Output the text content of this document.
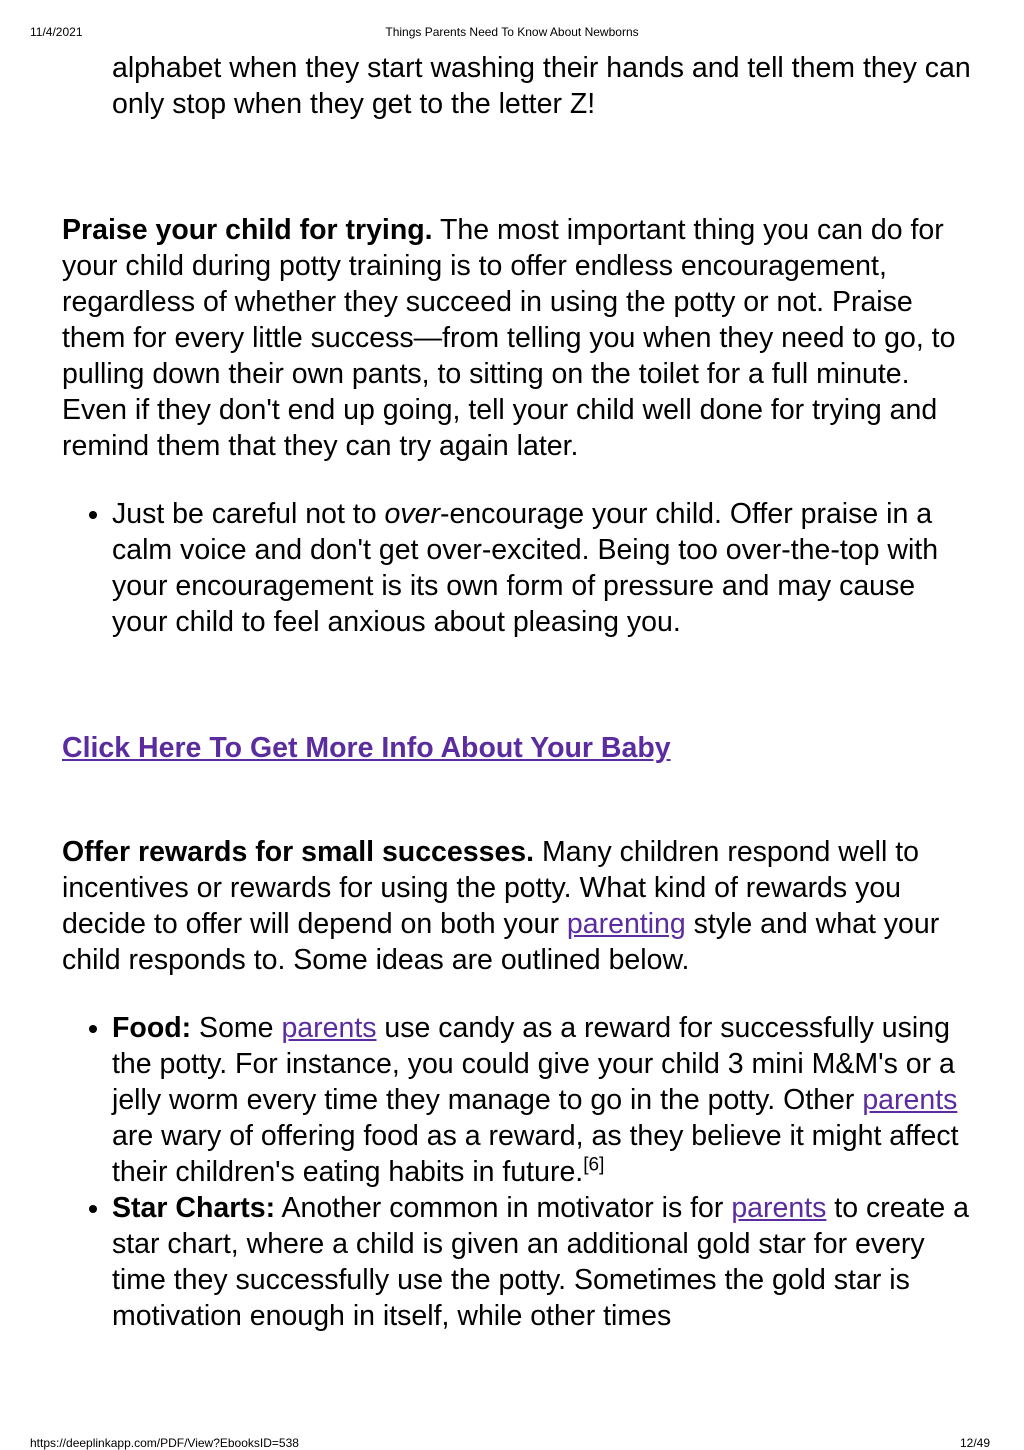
11/4/2021	Things Parents Need To Know About Newborns

alphabet when they start washing their hands and tell them they can only stop when they get to the letter Z!

Praise your child for trying. The most important thing you can do for your child during potty training is to offer endless encouragement, regardless of whether they succeed in using the potty or not. Praise them for every little success—from telling you when they need to go, to pulling down their own pants, to sitting on the toilet for a full minute. Even if they don't end up going, tell your child well done for trying and remind them that they can try again later.

• Just be careful not to over-encourage your child. Offer praise in a calm voice and don't get over-excited. Being too over-the-top with your encouragement is its own form of pressure and may cause your child to feel anxious about pleasing you.

Click Here To Get More Info About Your Baby

Offer rewards for small successes. Many children respond well to incentives or rewards for using the potty. What kind of rewards you decide to offer will depend on both your parenting style and what your child responds to. Some ideas are outlined below.

• Food: Some parents use candy as a reward for successfully using the potty. For instance, you could give your child 3 mini M&M's or a jelly worm every time they manage to go in the potty. Other parents are wary of offering food as a reward, as they believe it might affect their children's eating habits in future.[6]
• Star Charts: Another common in motivator is for parents to create a star chart, where a child is given an additional gold star for every time they successfully use the potty. Sometimes the gold star is motivation enough in itself, while other times
https://deeplinkapp.com/PDF/View?EbooksID=538	12/49
